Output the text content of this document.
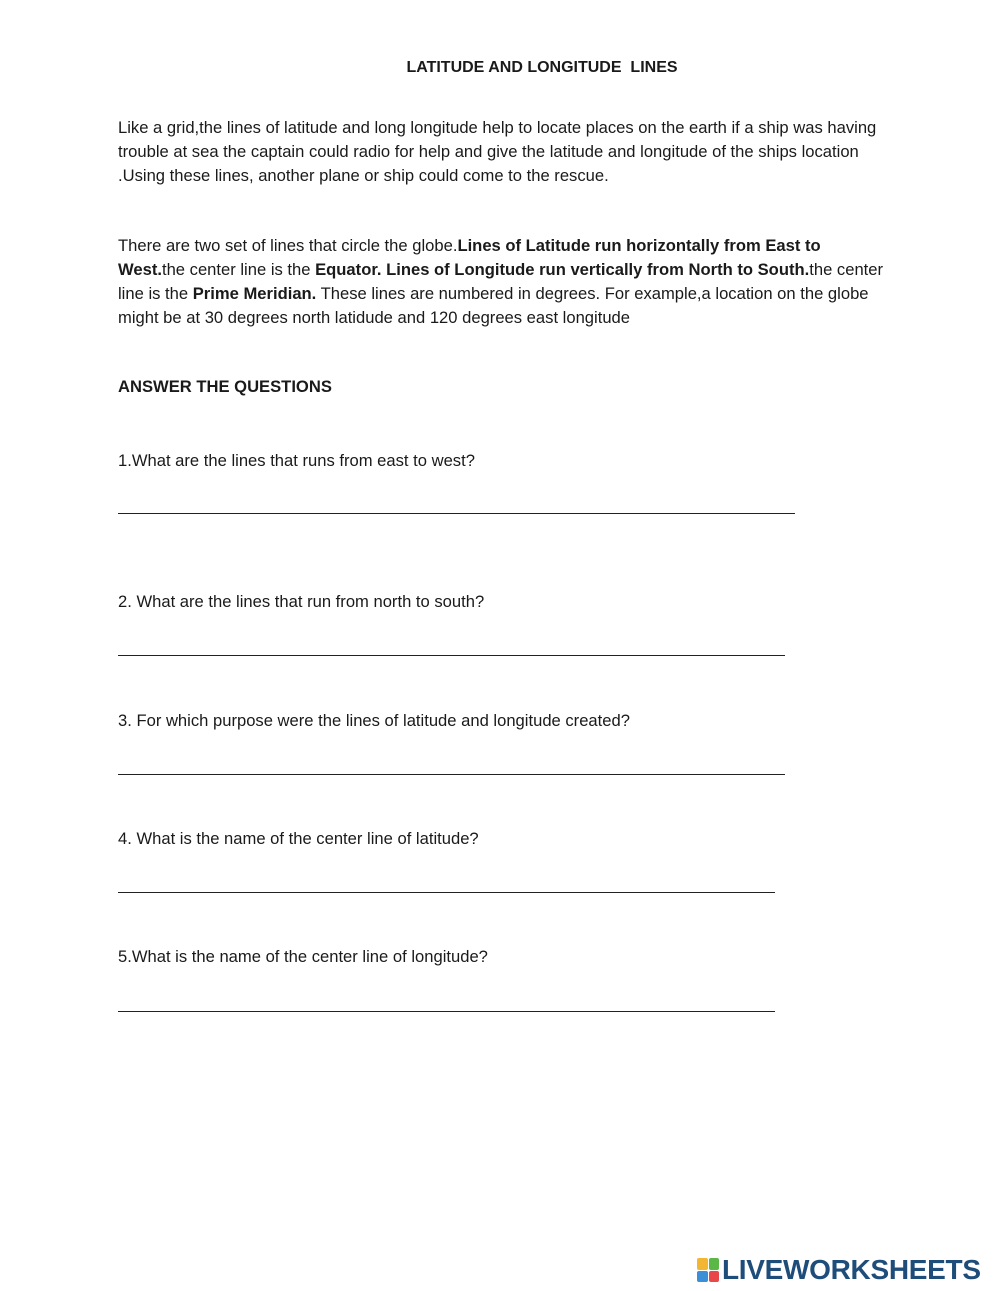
LATITUDE AND LONGITUDE  LINES

Like a grid,the lines of latitude and long longitude help to locate places on the earth if a ship was having trouble at sea the captain could radio for help and give the latitude and longitude of the ships location .Using these lines, another plane or ship could come to the rescue.

There are two set of lines that circle the globe.Lines of Latitude run horizontally from East to West.the center line is the Equator. Lines of Longitude run vertically from North to South.the center line is the Prime Meridian. These lines are numbered in degrees. For example,a location on the globe might be at 30 degrees north latidude and 120 degrees east longitude

ANSWER THE QUESTIONS

1.What are the lines that runs from east to west?

2. What are the lines that run from north to south?

3. For which purpose were the lines of latitude and longitude created?

4. What is the name of the center line of latitude?

5.What is the name of the center line of longitude?

LIVEWORKSHEETS
